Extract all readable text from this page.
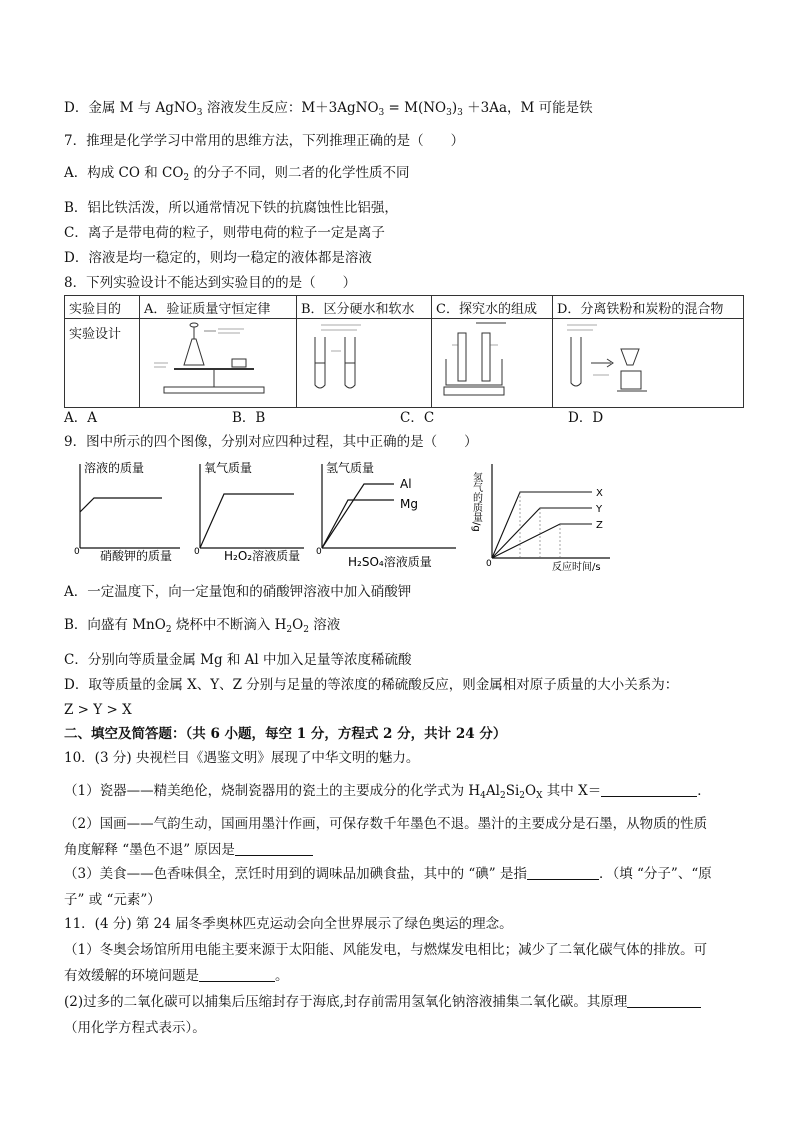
D．金属 M 与 AgNO$_3$ 溶液发生反应：M＋3AgNO$_3$ = $M(NO_3)_3 +3Aa$，M 可能是铁
7．推理是化学学习中常用的思维方法，下列推理正确的是（　　）
A．构成 CO 和 $CO_2$ 的分子不同，则二者的化学性质不同
B．铝比铁活泼，所以通常情况下铁的抗腐蚀性比铝强，
C．离子是带电荷的粒子，则带电荷的粒子一定是离子
D．溶液是均一稳定的，则均一稳定的液体都是溶液
8．下列实验设计不能达到实验目的的是（　　）
实验目的	A．验证质量守恒定律	B．区分硬水和软水	C．探究水的组成	D．分离铁粉和炭粉的混合物
实验设计				
A．A	B．B	C．C	D．D
9．图中所示的四个图像，分别对应四种过程，其中正确的是（　　）
溶液的质量
0 硝酸钾的质量
氧气质量
0 H₂O₂溶液质量
氢气质量
Al
Mg
0
H₂SO₄溶液质量
X
Y
Z
氢气的质量/g
0	反应时间/s
A．一定温度下，向一定量饱和的硝酸钾溶液中加入硝酸钾
B．向盛有 MnO$_2$ 烧杯中不断滴入 $H_2O_2$ 溶液
C．分别向等质量金属 Mg 和 Al 中加入足量等浓度稀硫酸
D．取等质量的金属 X、Y、Z 分别与足量的等浓度的稀硫酸反应，则金属相对原子质量的大小关系为：
Z > Y > X
二、填空及简答题：（共 6 小题，每空 1 分，方程式 2 分，共计 24 分）
10．(3 分) 央视栏目《遇鉴文明》展现了中华文明的魅力。
（1）瓷器——精美绝伦，烧制瓷器用的瓷土的主要成分的化学式为 $H_4Al_2Si_2O_X$ 其中 X＝	．
（2）国画——气韵生动，国画用墨汁作画，可保存数千年墨色不退。墨汁的主要成分是石墨，从物质的性质
角度解释 “墨色不退” 原因是
（3）美食——色香味俱全，烹饪时用到的调味品加碘食盐，其中的 “碘” 是指	．（填 “分子”、“原
子” 或 “元素”）
11．(4 分) 第 24 届冬季奥林匹克运动会向全世界展示了绿色奥运的理念。
（1）冬奥会场馆所用电能主要来源于太阳能、风能发电，与燃煤发电相比；减少了二氧化碳气体的排放。可
有效缓解的环境问题是	。
(2)过多的二氧化碳可以捕集后压缩封存于海底,封存前需用氢氧化钠溶液捕集二氧化碳。其原理
（用化学方程式表示）。
